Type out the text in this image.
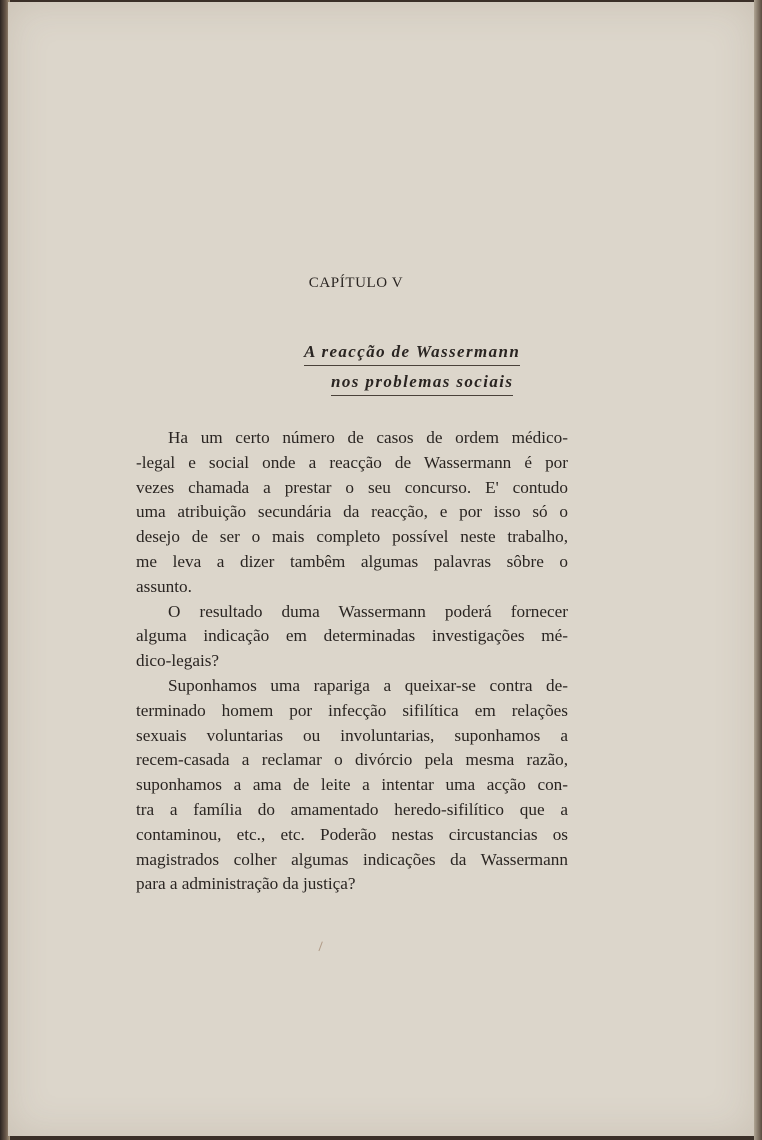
CAPÍTULO V
A reacção de Wassermann
nos problemas sociais
Ha um certo número de casos de ordem médico-
-legal e social onde a reacção de Wassermann é por
vezes chamada a prestar o seu concurso. E' contudo
uma atribuição secundária da reacção, e por isso só o
desejo de ser o mais completo possível neste trabalho,
me leva a dizer tambêm algumas palavras sôbre o
assunto.
O resultado duma Wassermann poderá fornecer
alguma indicação em determinadas investigações mé-
dico-legais?
Suponhamos uma rapariga a queixar-se contra de-
terminado homem por infecção sifilítica em relações
sexuais voluntarias ou involuntarias, suponhamos a
recem-casada a reclamar o divórcio pela mesma razão,
suponhamos a ama de leite a intentar uma acção con-
tra a família do amamentado heredo-sifilítico que a
contaminou, etc., etc. Poderão nestas circustancias os
magistrados colher algumas indicações da Wassermann
para a administração da justiça?
